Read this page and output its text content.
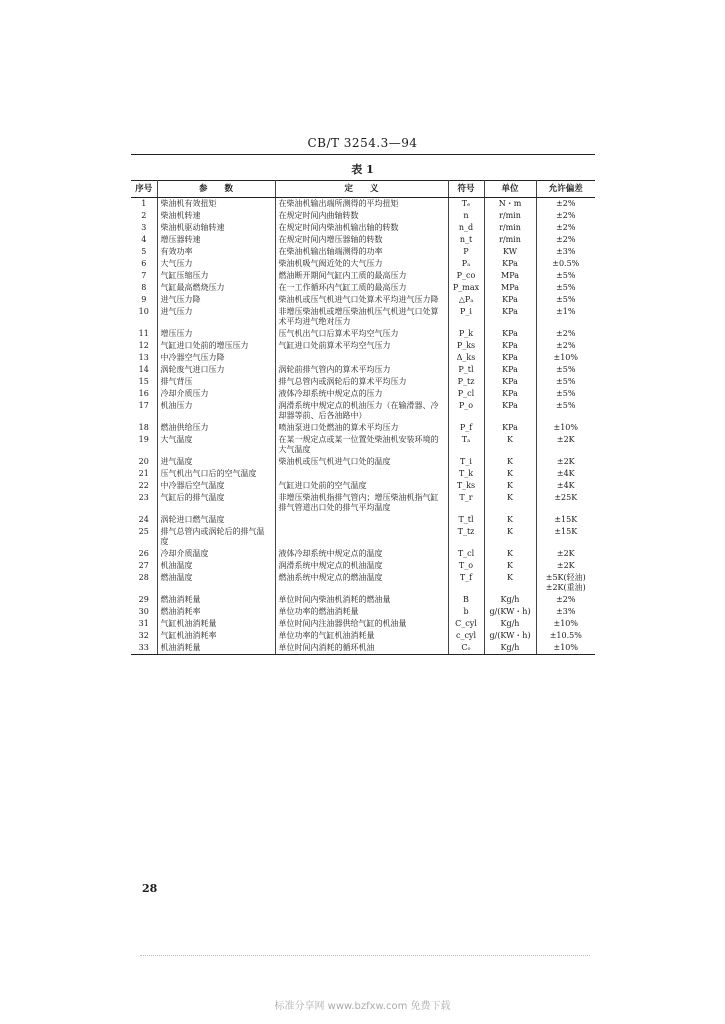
CB/T 3254.3—94
表 1
序号	参　　数	定　　义	符号	单位	允许偏差
1	柴油机有效扭矩	在柴油机输出端所测得的平均扭矩	Tₑ	N・m	±2%
2	柴油机转速	在规定时间内曲轴转数	n	r/min	±2%
3	柴油机驱动轴转速	在规定时间内柴油机输出轴的转数	n_d	r/min	±2%
4	增压器转速	在规定时间内增压器轴的转数	n_t	r/min	±2%
5	有效功率	在柴油机输出轴端测得的功率	P	KW	±3%
6	大气压力	柴油机吸气阀近处的大气压力	Pₐ	KPa	±0.5%
7	气缸压缩压力	燃油断开期间气缸内工质的最高压力	P_co	MPa	±5%
8	气缸最高燃烧压力	在一工作循环内气缸工质的最高压力	P_max	MPa	±5%
9	进气压力降	柴油机或压气机进气口处算术平均进气压力降	△Pₐ	KPa	±5%
10	进气压力	非增压柴油机或增压柴油机压气机进气口处算术平均进气绝对压力	P_i	KPa	±1%
11	增压压力	压气机出气口后算术平均空气压力	P_k	KPa	±2%
12	气缸进口处前的增压压力	气缸进口处前算术平均空气压力	P_ks	KPa	±2%
13	中冷器空气压力降		Δ_ks	KPa	±10%
14	涡轮废气进口压力	涡轮前排气管内的算术平均压力	P_tl	KPa	±5%
15	排气背压	排气总管内或涡轮后的算术平均压力	P_tz	KPa	±5%
16	冷却介质压力	液体冷却系统中规定点的压力	P_cl	KPa	±5%
17	机油压力	润滑系统中规定点的机油压力（在输滑器、冷却器等前、后各油路中）	P_o	KPa	±5%
18	燃油供给压力	喷油泵进口处燃油的算术平均压力	P_f	KPa	±10%
19	大气温度	在某一规定点或某一位置处柴油机安装环境的大气温度	Tₐ	K	±2K
20	进气温度	柴油机或压气机进气口处的温度	T_i	K	±2K
21	压气机出气口后的空气温度		T_k	K	±4K
22	中冷器后空气温度	气缸进口处前的空气温度	T_ks	K	±4K
23	气缸后的排气温度	非增压柴油机指排气管内；增压柴油机指气缸排气管道出口处的排气平均温度	T_r	K	±25K
24	涡轮进口燃气温度		T_tl	K	±15K
25	排气总管内或涡轮后的排气温度		T_tz	K	±15K
26	冷却介质温度	液体冷却系统中规定点的温度	T_cl	K	±2K
27	机油温度	润滑系统中规定点的机油温度	T_o	K	±2K
28	燃油温度	燃油系统中规定点的燃油温度	T_f	K	±5K(轻油)　±2K(重油)
29	燃油消耗量	单位时间内柴油机消耗的燃油量	B	Kg/h	±2%
30	燃油消耗率	单位功率的燃油消耗量	b	g/(KW・h)	±3%
31	气缸机油消耗量	单位时间内注油器供给气缸的机油量	C_cyl	Kg/h	±10%
32	气缸机油消耗率	单位功率的气缸机油消耗量	c_cyl	g/(KW・h)	±10.5%
33	机油消耗量	单位时间内消耗的循环机油	Cₒ	Kg/h	±10%
28
标准分享网 www.bzfxw.com 免费下载
